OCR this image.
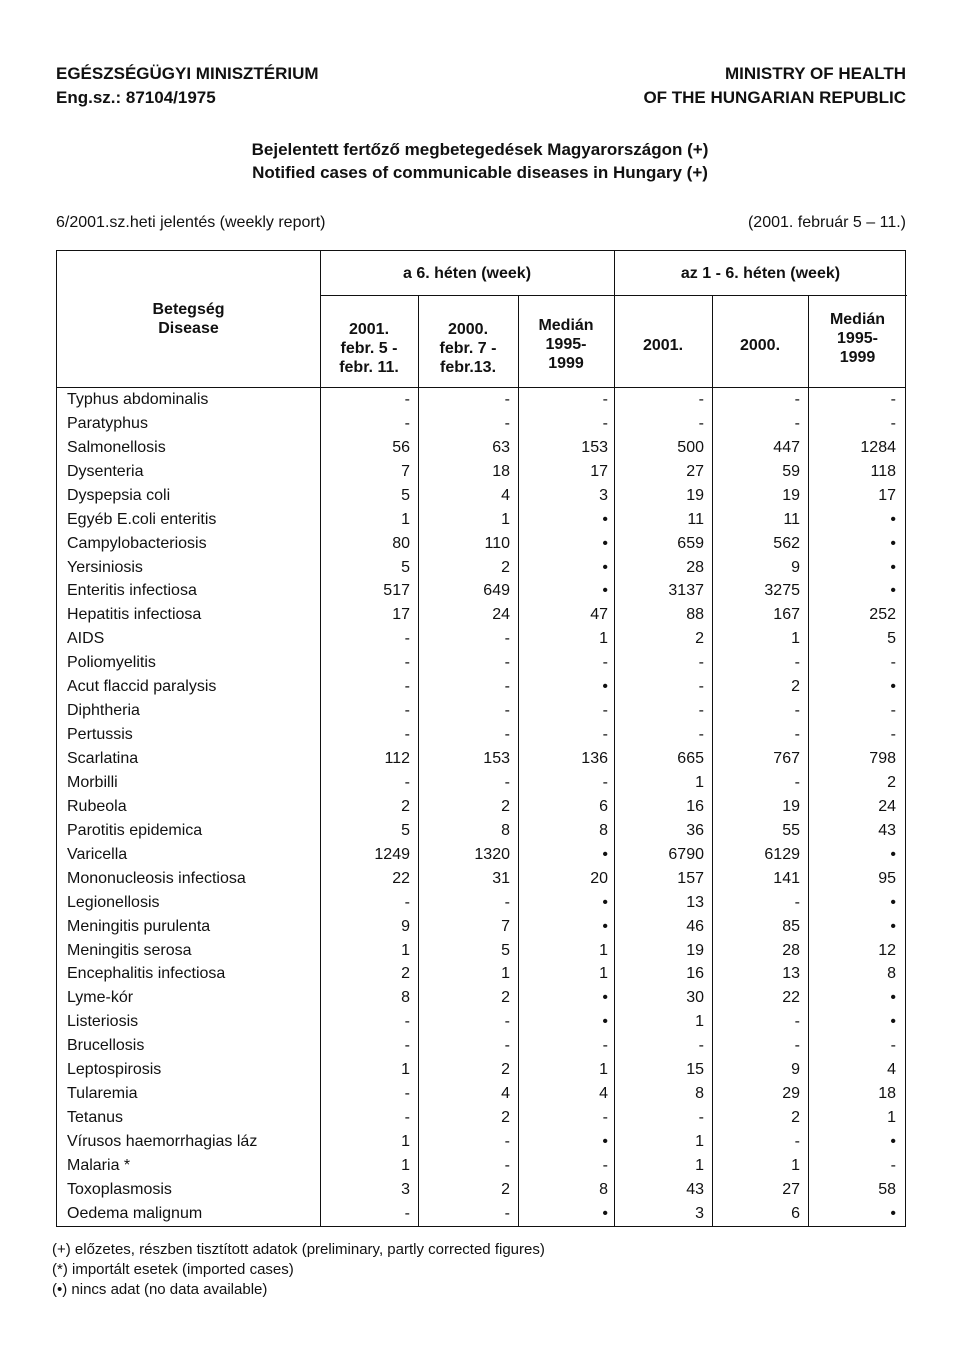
EGÉSZSÉGÜGYI MINISZTÉRIUM
Eng.sz.: 87104/1975
MINISTRY OF HEALTH
OF THE HUNGARIAN REPUBLIC
Bejelentett fertőző megbetegedések Magyarországon (+)
Notified cases of communicable diseases in Hungary (+)
6/2001.sz.heti jelentés (weekly report)	(2001. február 5 – 11.)
Betegség
Disease
a 6. héten (week)	az 1 - 6. héten (week)
2001.
febr. 5 -
febr. 11.
2000.
febr. 7 -
febr.13.
Medián
1995-
1999
2001.	2000.
Medián
1995-
1999
Typhus abdominalis	-	-	-	-	-	-
Paratyphus	-	-	-	-	-	-
Salmonellosis	56	63	153	500	447	1284
Dysenteria	7	18	17	27	59	118
Dyspepsia coli	5	4	3	19	19	17
Egyéb E.coli enteritis	1	1	•	11	11	•
Campylobacteriosis	80	110	•	659	562	•
Yersiniosis	5	2	•	28	9	•
Enteritis infectiosa	517	649	•	3137	3275	•
Hepatitis infectiosa	17	24	47	88	167	252
AIDS	-	-	1	2	1	5
Poliomyelitis	-	-	-	-	-	-
Acut flaccid paralysis	-	-	•	-	2	•
Diphtheria	-	-	-	-	-	-
Pertussis	-	-	-	-	-	-
Scarlatina	112	153	136	665	767	798
Morbilli	-	-	-	1	-	2
Rubeola	2	2	6	16	19	24
Parotitis epidemica	5	8	8	36	55	43
Varicella	1249	1320	•	6790	6129	•
Mononucleosis infectiosa	22	31	20	157	141	95
Legionellosis	-	-	•	13	-	•
Meningitis purulenta	9	7	•	46	85	•
Meningitis serosa	1	5	1	19	28	12
Encephalitis infectiosa	2	1	1	16	13	8
Lyme-kór	8	2	•	30	22	•
Listeriosis	-	-	•	1	-	•
Brucellosis	-	-	-	-	-	-
Leptospirosis	1	2	1	15	9	4
Tularemia	-	4	4	8	29	18
Tetanus	-	2	-	-	2	1
Vírusos haemorrhagias láz	1	-	•	1	-	•
Malaria *	1	-	-	1	1	-
Toxoplasmosis	3	2	8	43	27	58
Oedema malignum	-	-	•	3	6	•
(+) előzetes, részben tisztított adatok (preliminary, partly corrected figures)
(*) importált esetek (imported cases)
(•) nincs adat (no data available)
